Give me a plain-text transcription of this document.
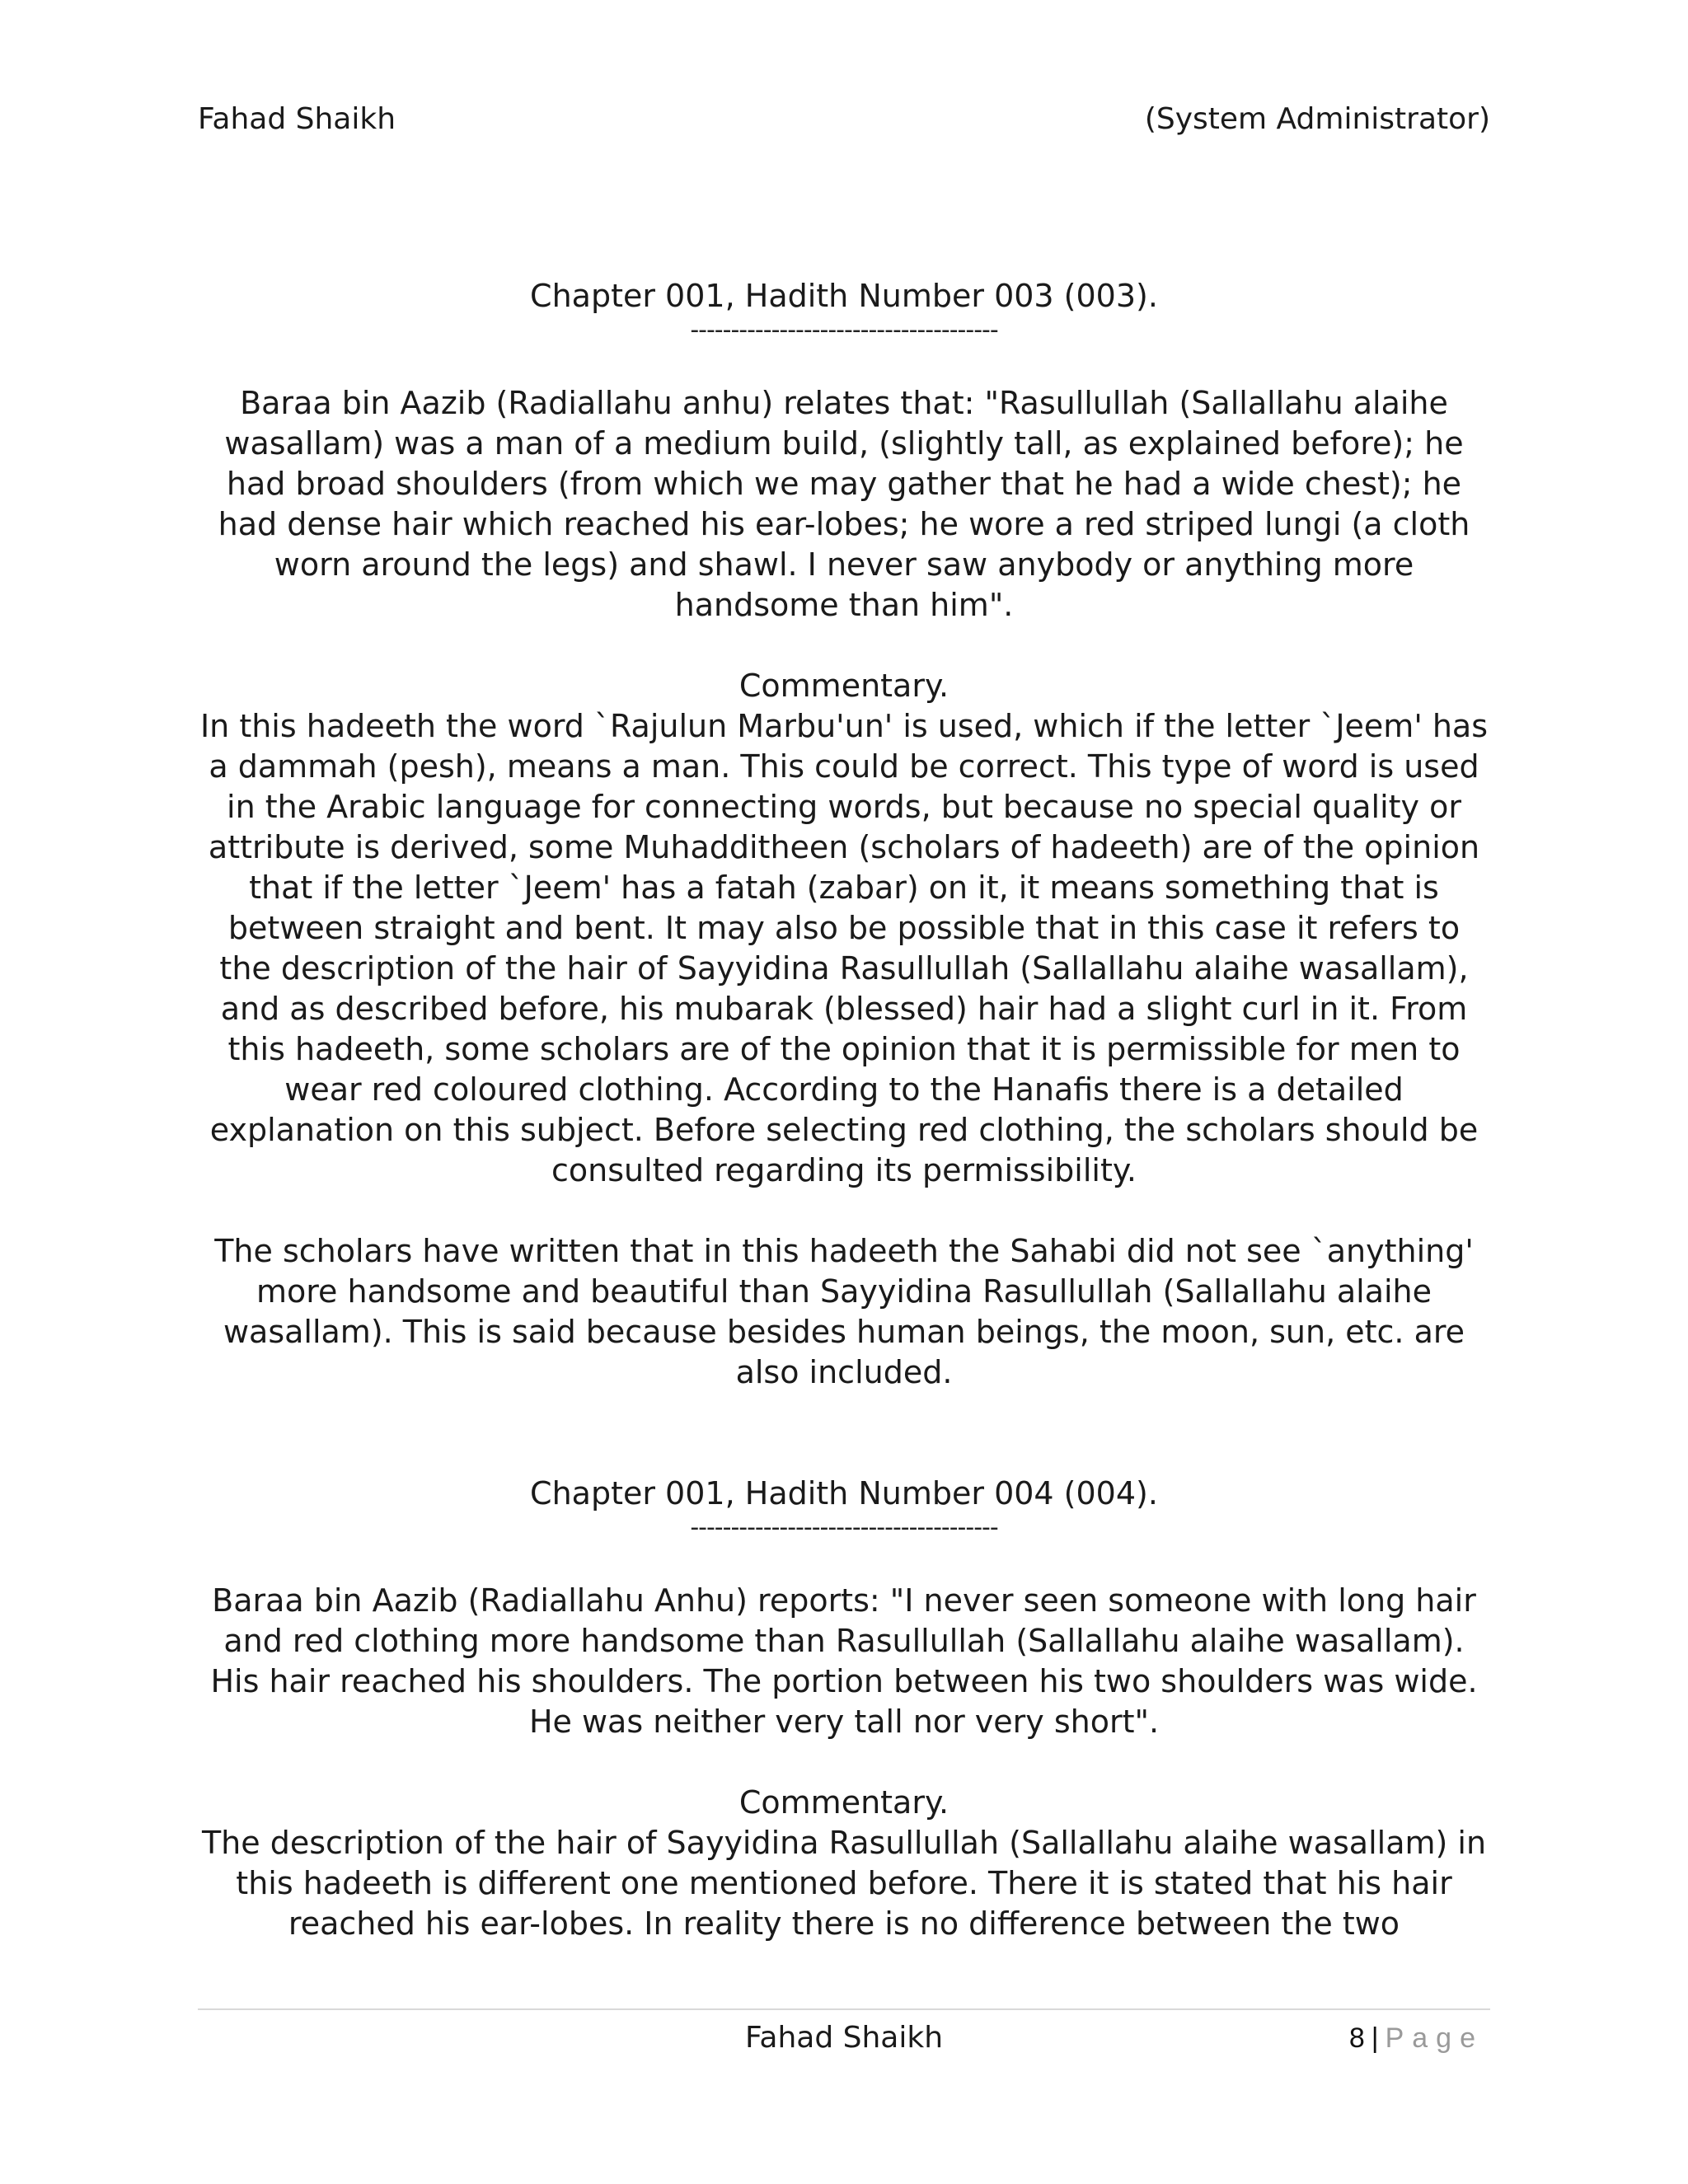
Fahad Shaikh	(System Administrator)

Chapter 001, Hadith Number 003 (003).

--------------------------------------

Baraa bin Aazib (Radiallahu anhu) relates that: "Rasullullah (Sallallahu alaihe wasallam) was a man of a medium build, (slightly tall, as explained before); he had broad shoulders (from which we may gather that he had a wide chest); he had dense hair which reached his ear-lobes; he wore a red striped lungi (a cloth worn around the legs) and shawl. I never saw anybody or anything more handsome than him".

Commentary.

In this hadeeth the word `Rajulun Marbu'un' is used, which if the letter `Jeem' has a dammah (pesh), means a man. This could be correct. This type of word is used in the Arabic language for connecting words, but because no special quality or attribute is derived, some Muhadditheen (scholars of hadeeth) are of the opinion that if the letter `Jeem' has a fatah (zabar) on it, it means something that is between straight and bent. It may also be possible that in this case it refers to the description of the hair of Sayyidina Rasullullah (Sallallahu alaihe wasallam), and as described before, his mubarak (blessed) hair had a slight curl in it. From this hadeeth, some scholars are of the opinion that it is permissible for men to wear red coloured clothing. According to the Hanafis there is a detailed explanation on this subject. Before selecting red clothing, the scholars should be consulted regarding its permissibility.

The scholars have written that in this hadeeth the Sahabi did not see `anything' more handsome and beautiful than Sayyidina Rasullullah (Sallallahu alaihe wasallam). This is said because besides human beings, the moon, sun, etc. are also included.

Chapter 001, Hadith Number 004 (004).

--------------------------------------

Baraa bin Aazib (Radiallahu Anhu) reports: "I never seen someone with long hair and red clothing more handsome than Rasullullah (Sallallahu alaihe wasallam). His hair reached his shoulders. The portion between his two shoulders was wide. He was neither very tall nor very short".

Commentary.

The description of the hair of Sayyidina Rasullullah (Sallallahu alaihe wasallam) in this hadeeth is different one mentioned before. There it is stated that his hair reached his ear-lobes. In reality there is no difference between the two

Fahad Shaikh	8 | Page
